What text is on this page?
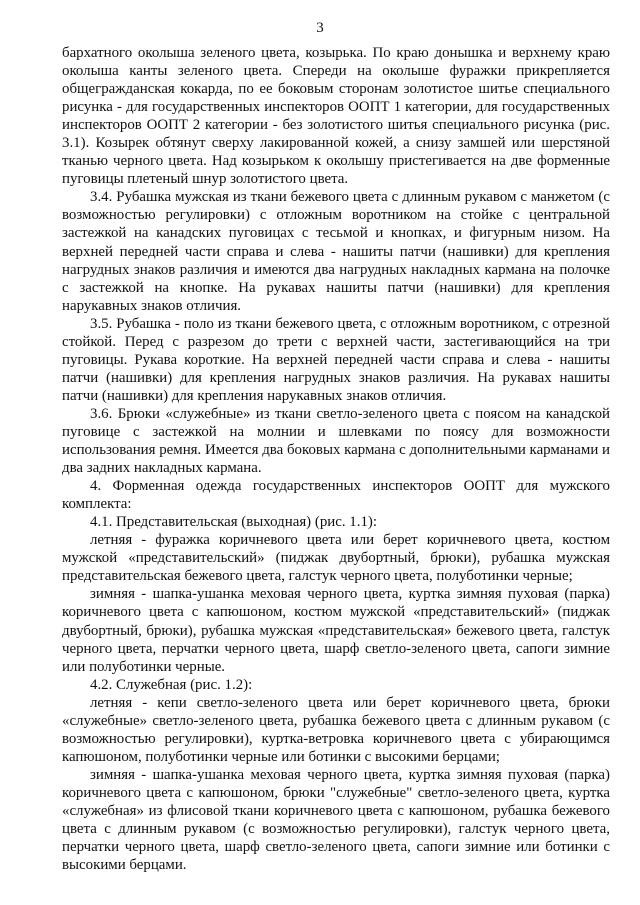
3

бархатного околыша зеленого цвета, козырька. По краю донышка и верхнему краю околыша канты зеленого цвета. Спереди на околыше фуражки прикрепляется общегражданская кокарда, по ее боковым сторонам золотистое шитье специального рисунка - для государственных инспекторов ООПТ 1 категории, для государственных инспекторов ООПТ 2 категории - без золотистого шитья специального рисунка (рис. 3.1). Козырек обтянут сверху лакированной кожей, а снизу замшей или шерстяной тканью черного цвета. Над козырьком к околышу пристегивается на две форменные пуговицы плетеный шнур золотистого цвета.

3.4. Рубашка мужская из ткани бежевого цвета с длинным рукавом с манжетом (с возможностью регулировки) с отложным воротником на стойке с центральной застежкой на канадских пуговицах с тесьмой и кнопках, и фигурным низом. На верхней передней части справа и слева - нашиты патчи (нашивки) для крепления нагрудных знаков различия и имеются два нагрудных накладных кармана на полочке с застежкой на кнопке. На рукавах нашиты патчи (нашивки) для крепления нарукавных знаков отличия.

3.5. Рубашка - поло из ткани бежевого цвета, с отложным воротником, с отрезной стойкой. Перед с разрезом до трети с верхней части, застегивающийся на три пуговицы. Рукава короткие. На верхней передней части справа и слева - нашиты патчи (нашивки) для крепления нагрудных знаков различия. На рукавах нашиты патчи (нашивки) для крепления нарукавных знаков отличия.

3.6. Брюки «служебные» из ткани светло-зеленого цвета с поясом на канадской пуговице с застежкой на молнии и шлевками по поясу для возможности использования ремня. Имеется два боковых кармана с дополнительными карманами и два задних накладных кармана.

4. Форменная одежда государственных инспекторов ООПТ для мужского комплекта:

4.1. Представительская (выходная) (рис. 1.1):

летняя - фуражка коричневого цвета или берет коричневого цвета, костюм мужской «представительский» (пиджак двубортный, брюки), рубашка мужская представительская бежевого цвета, галстук черного цвета, полуботинки черные;

зимняя - шапка-ушанка меховая черного цвета, куртка зимняя пуховая (парка) коричневого цвета с капюшоном, костюм мужской «представительский» (пиджак двубортный, брюки), рубашка мужская «представительская» бежевого цвета, галстук черного цвета, перчатки черного цвета, шарф светло-зеленого цвета, сапоги зимние или полуботинки черные.

4.2. Служебная (рис. 1.2):

летняя - кепи светло-зеленого цвета или берет коричневого цвета, брюки «служебные» светло-зеленого цвета, рубашка бежевого цвета с длинным рукавом (с возможностью регулировки), куртка-ветровка коричневого цвета с убирающимся капюшоном, полуботинки черные или ботинки с высокими берцами;

зимняя - шапка-ушанка меховая черного цвета, куртка зимняя пуховая (парка) коричневого цвета с капюшоном, брюки "служебные" светло-зеленого цвета, куртка «служебная» из флисовой ткани коричневого цвета с капюшоном, рубашка бежевого цвета с длинным рукавом (с возможностью регулировки), галстук черного цвета, перчатки черного цвета, шарф светло-зеленого цвета, сапоги зимние или ботинки с высокими берцами.
